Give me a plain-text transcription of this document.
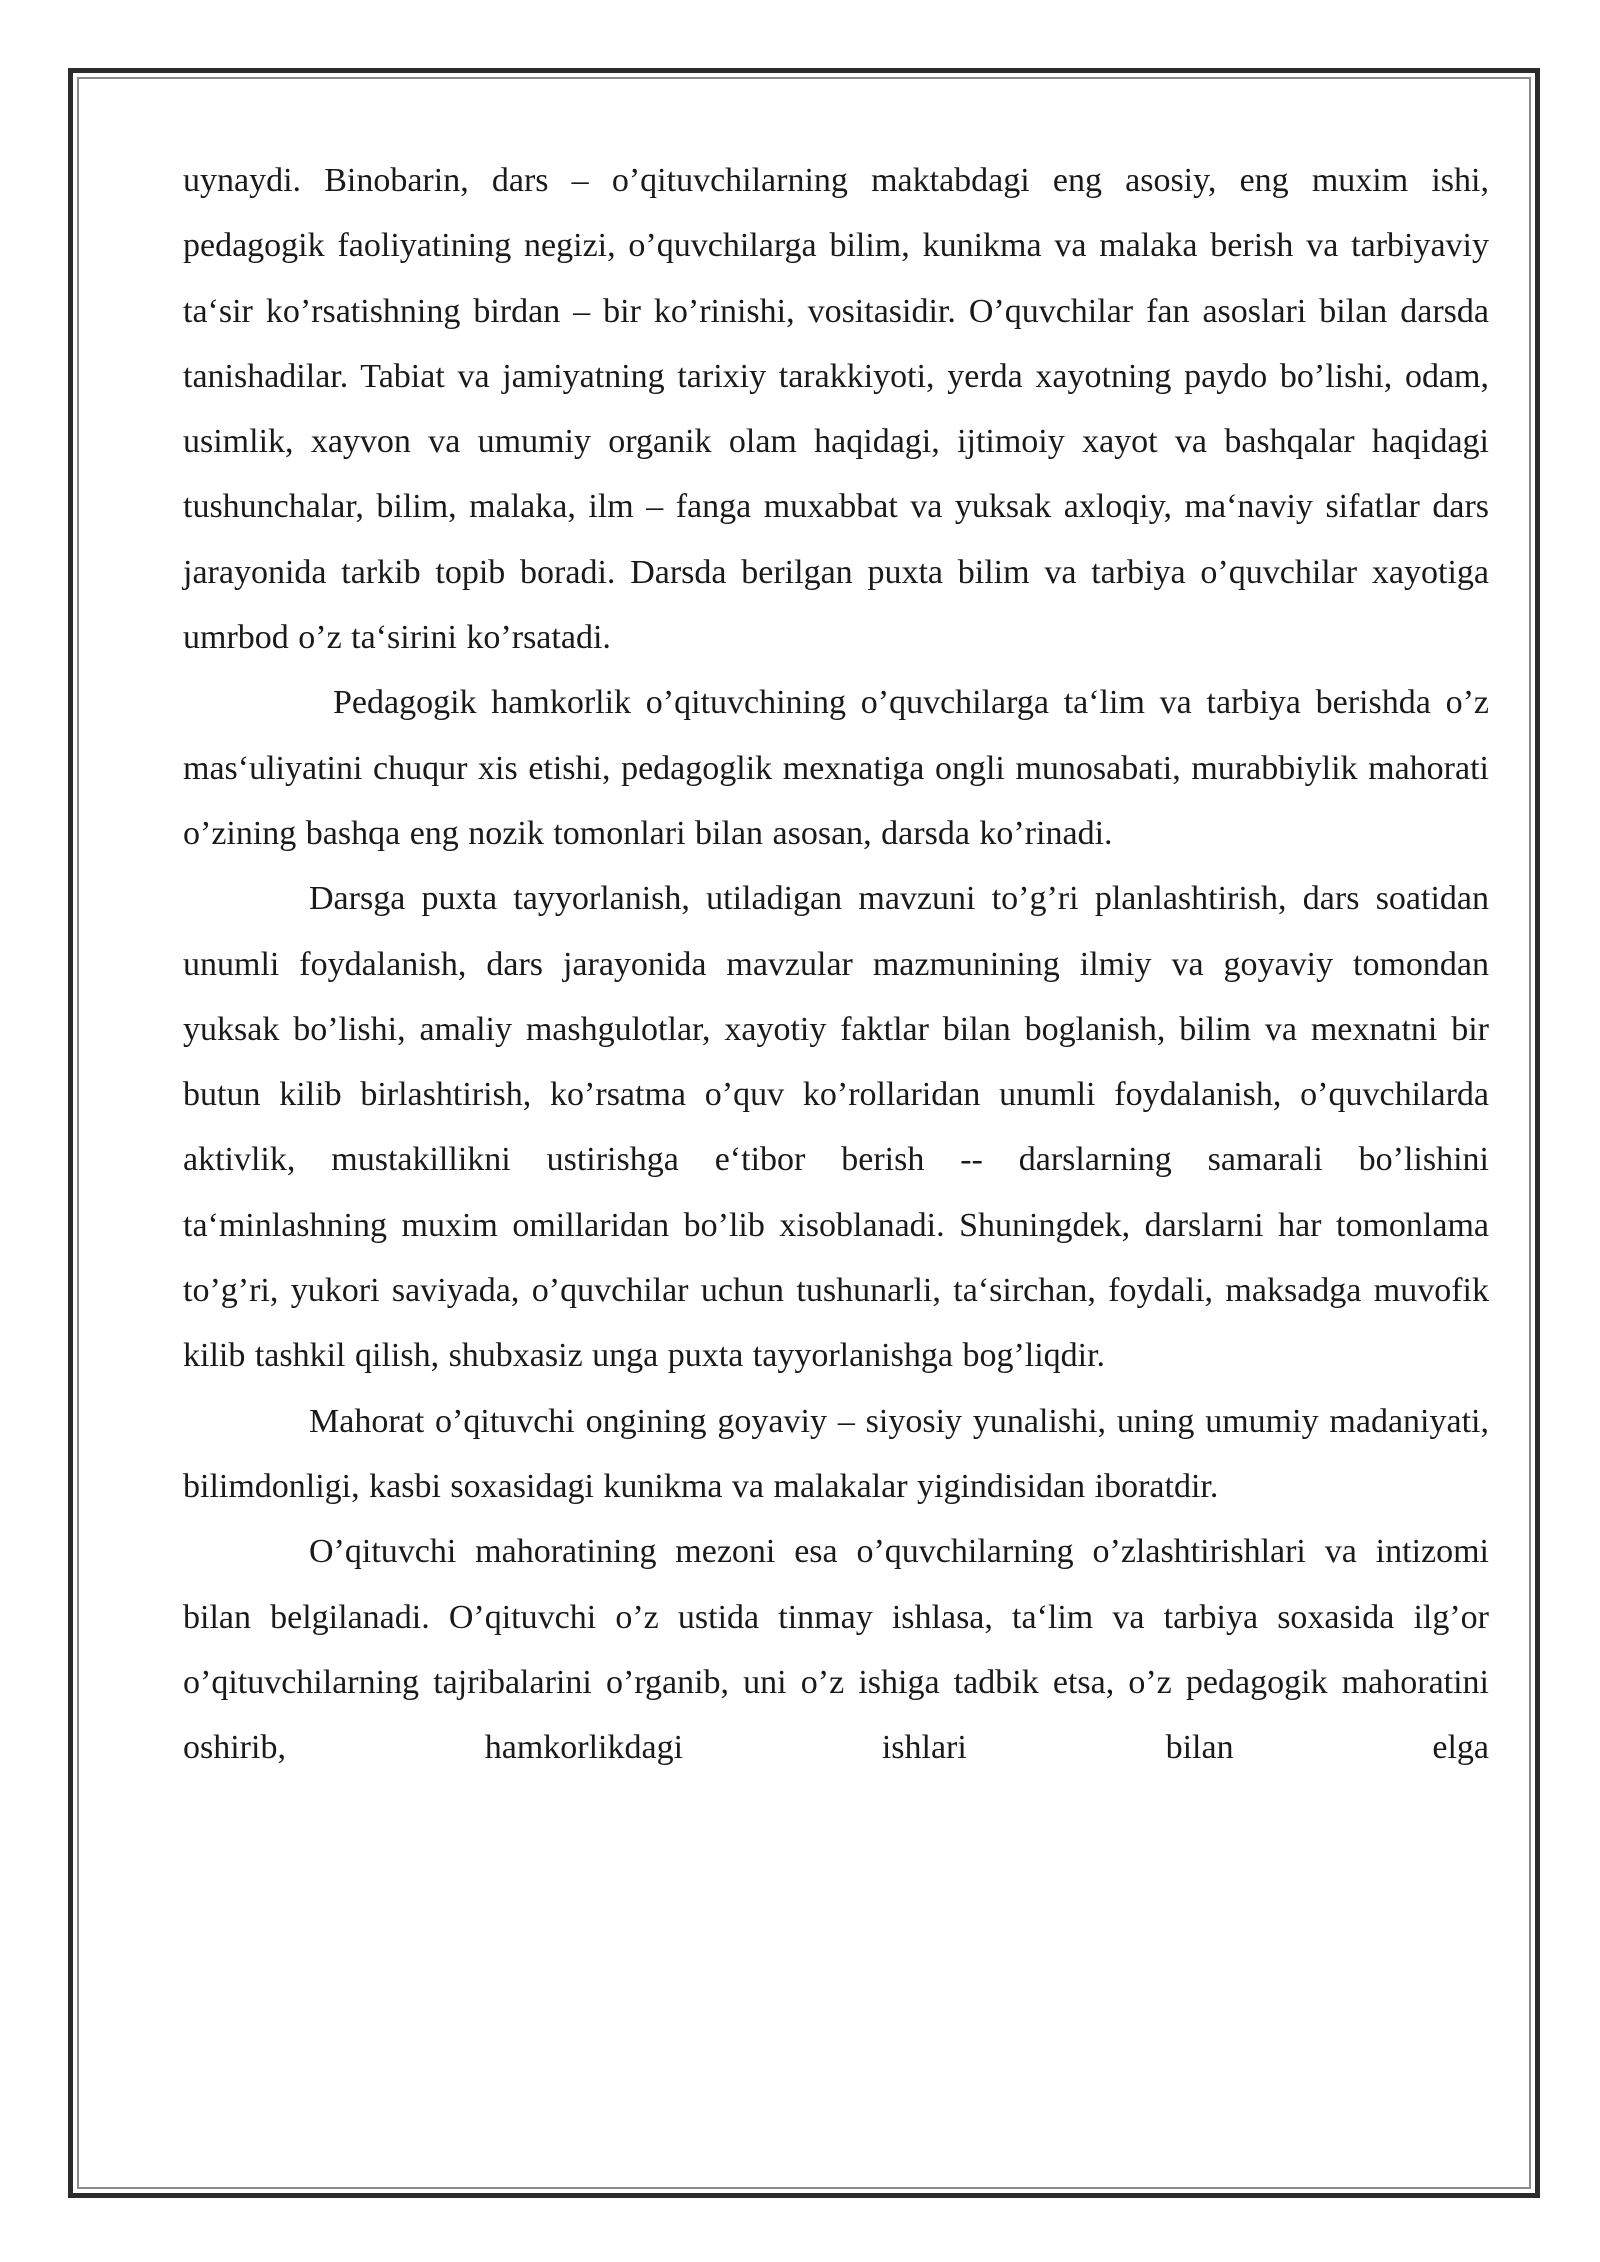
uynaydi. Binobarin, dars – o’qituvchilarning maktabdagi eng asosiy, eng muxim ishi, pedagogik faoliyatining negizi, o’quvchilarga bilim, kunikma va malaka berish va tarbiyaviy ta‘sir ko’rsatishning birdan – bir ko’rinishi, vositasidir. O’quvchilar fan asoslari bilan darsda tanishadilar. Tabiat va jamiyatning tarixiy tarakkiyoti, yerda xayotning paydo bo’lishi, odam, usimlik, xayvon va umumiy organik olam haqidagi, ijtimoiy xayot va bashqalar haqidagi tushunchalar, bilim, malaka, ilm – fanga muxabbat va yuksak axloqiy, ma‘naviy sifatlar dars jarayonida tarkib topib boradi. Darsda berilgan puxta bilim va tarbiya o’quvchilar xayotiga umrbod o’z ta‘sirini ko’rsatadi.

Pedagogik hamkorlik o’qituvchining o’quvchilarga ta‘lim va tarbiya berishda o’z mas‘uliyatini chuqur xis etishi, pedagoglik mexnatiga ongli munosabati, murabbiylik mahorati o’zining bashqa eng nozik tomonlari bilan asosan, darsda ko’rinadi.

Darsga puxta tayyorlanish, utiladigan mavzuni to’g’ri planlashtirish, dars soatidan unumli foydalanish, dars jarayonida mavzular mazmunining ilmiy va goyaviy tomondan yuksak bo’lishi, amaliy mashgulotlar, xayotiy faktlar bilan boglanish, bilim va mexnatni bir butun kilib birlashtirish, ko’rsatma o’quv ko’rollaridan unumli foydalanish, o’quvchilarda aktivlik, mustakillikni ustirishga e‘tibor berish -- darslarning samarali bo’lishini ta‘minlashning muxim omillaridan bo’lib xisoblanadi. Shuningdek, darslarni har tomonlama to’g’ri, yukori saviyada, o’quvchilar uchun tushunarli, ta‘sirchan, foydali, maksadga muvofik kilib tashkil qilish, shubxasiz unga puxta tayyorlanishga bog’liqdir.

Mahorat o’qituvchi ongining goyaviy – siyosiy yunalishi, uning umumiy madaniyati, bilimdonligi, kasbi soxasidagi kunikma va malakalar yigindisidan iboratdir.

O’qituvchi mahoratining mezoni esa o’quvchilarning o’zlashtirishlari va intizomi bilan belgilanadi. O’qituvchi o’z ustida tinmay ishlasa, ta‘lim va tarbiya soxasida ilg’or o’qituvchilarning tajribalarini o’rganib, uni o’z ishiga tadbik etsa, o’z pedagogik mahoratini oshirib, hamkorlikdagi ishlari bilan elga
